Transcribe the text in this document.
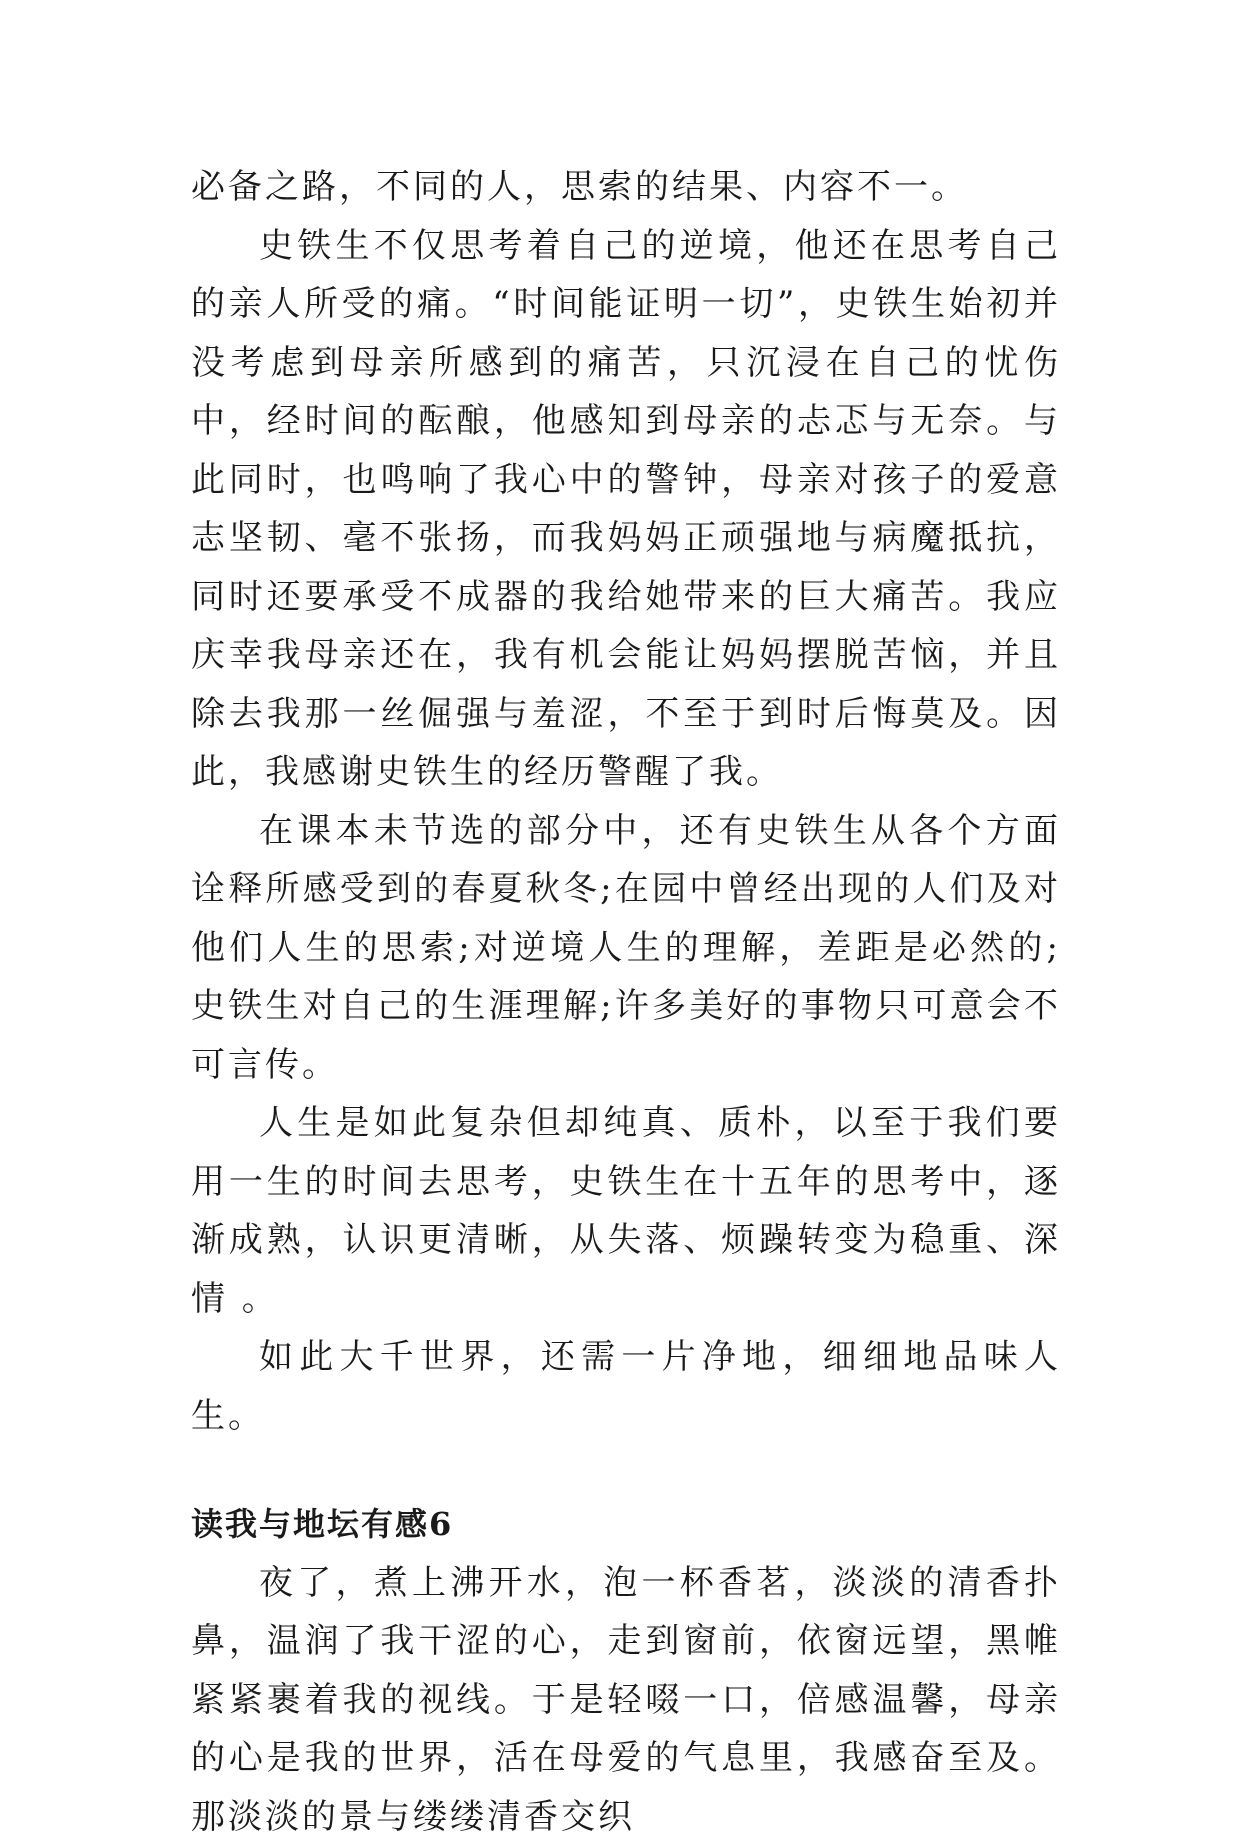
必备之路，不同的人，思索的结果、内容不一。

史铁生不仅思考着自己的逆境，他还在思考自己的亲人所受的痛。“时间能证明一切”，史铁生始初并没考虑到母亲所感到的痛苦，只沉浸在自己的忧伤中，经时间的酝酿，他感知到母亲的忐忑与无奈。与此同时，也鸣响了我心中的警钟，母亲对孩子的爱意志坚韧、毫不张扬，而我妈妈正顽强地与病魔抵抗，同时还要承受不成器的我给她带来的巨大痛苦。我应庆幸我母亲还在，我有机会能让妈妈摆脱苦恼，并且除去我那一丝倔强与羞涩，不至于到时后悔莫及。因此，我感谢史铁生的经历警醒了我。

在课本未节选的部分中，还有史铁生从各个方面诠释所感受到的春夏秋冬;在园中曾经出现的人们及对他们人生的思索;对逆境人生的理解，差距是必然的;史铁生对自己的生涯理解;许多美好的事物只可意会不可言传。

人生是如此复杂但却纯真、质朴，以至于我们要用一生的时间去思考，史铁生在十五年的思考中，逐渐成熟，认识更清晰，从失落、烦躁转变为稳重、深情 。

如此大千世界，还需一片净地，细细地品味人生。

读我与地坛有感6

夜了，煮上沸开水，泡一杯香茗，淡淡的清香扑鼻，温润了我干涩的心，走到窗前，依窗远望，黑帷紧紧裹着我的视线。于是轻啜一口，倍感温馨，母亲的心是我的世界，活在母爱的气息里，我感奋至及。那淡淡的景与缕缕清香交织
